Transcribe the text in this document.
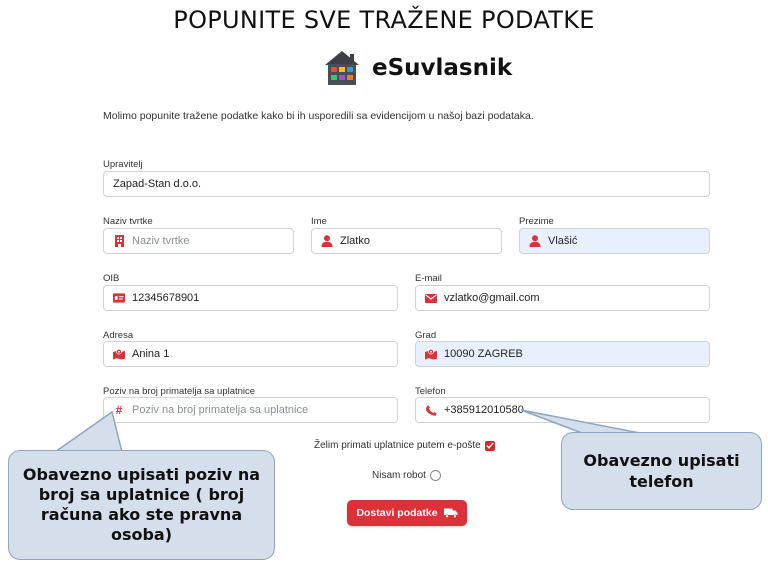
POPUNITE SVE TRAŽENE PODATKE
eSuvlasnik
Molimo popunite tražene podatke kako bi ih usporedili sa evidencijom u našoj bazi podataka.
Upravitelj
Zapad-Stan d.o.o.
Naziv tvrtke
Naziv tvrtke	Ime
Zlatko
Prezime
Vlašić
OIB
12345678901
E-mail
vzlatko@gmail.com
Adresa
Anina 1
Grad
10090 ZAGREB
Poziv na broj primatelja sa uplatnice
#
Poziv na broj primatelja sa uplatnice
Telefon
+385912010580
Želim primati uplatnice putem e-pošte
Nisam robot
Dostavi podatke
Obavezno upisati poziv na broj sa uplatnice ( broj računa ako ste pravna osoba)
Obavezno upisati telefon
